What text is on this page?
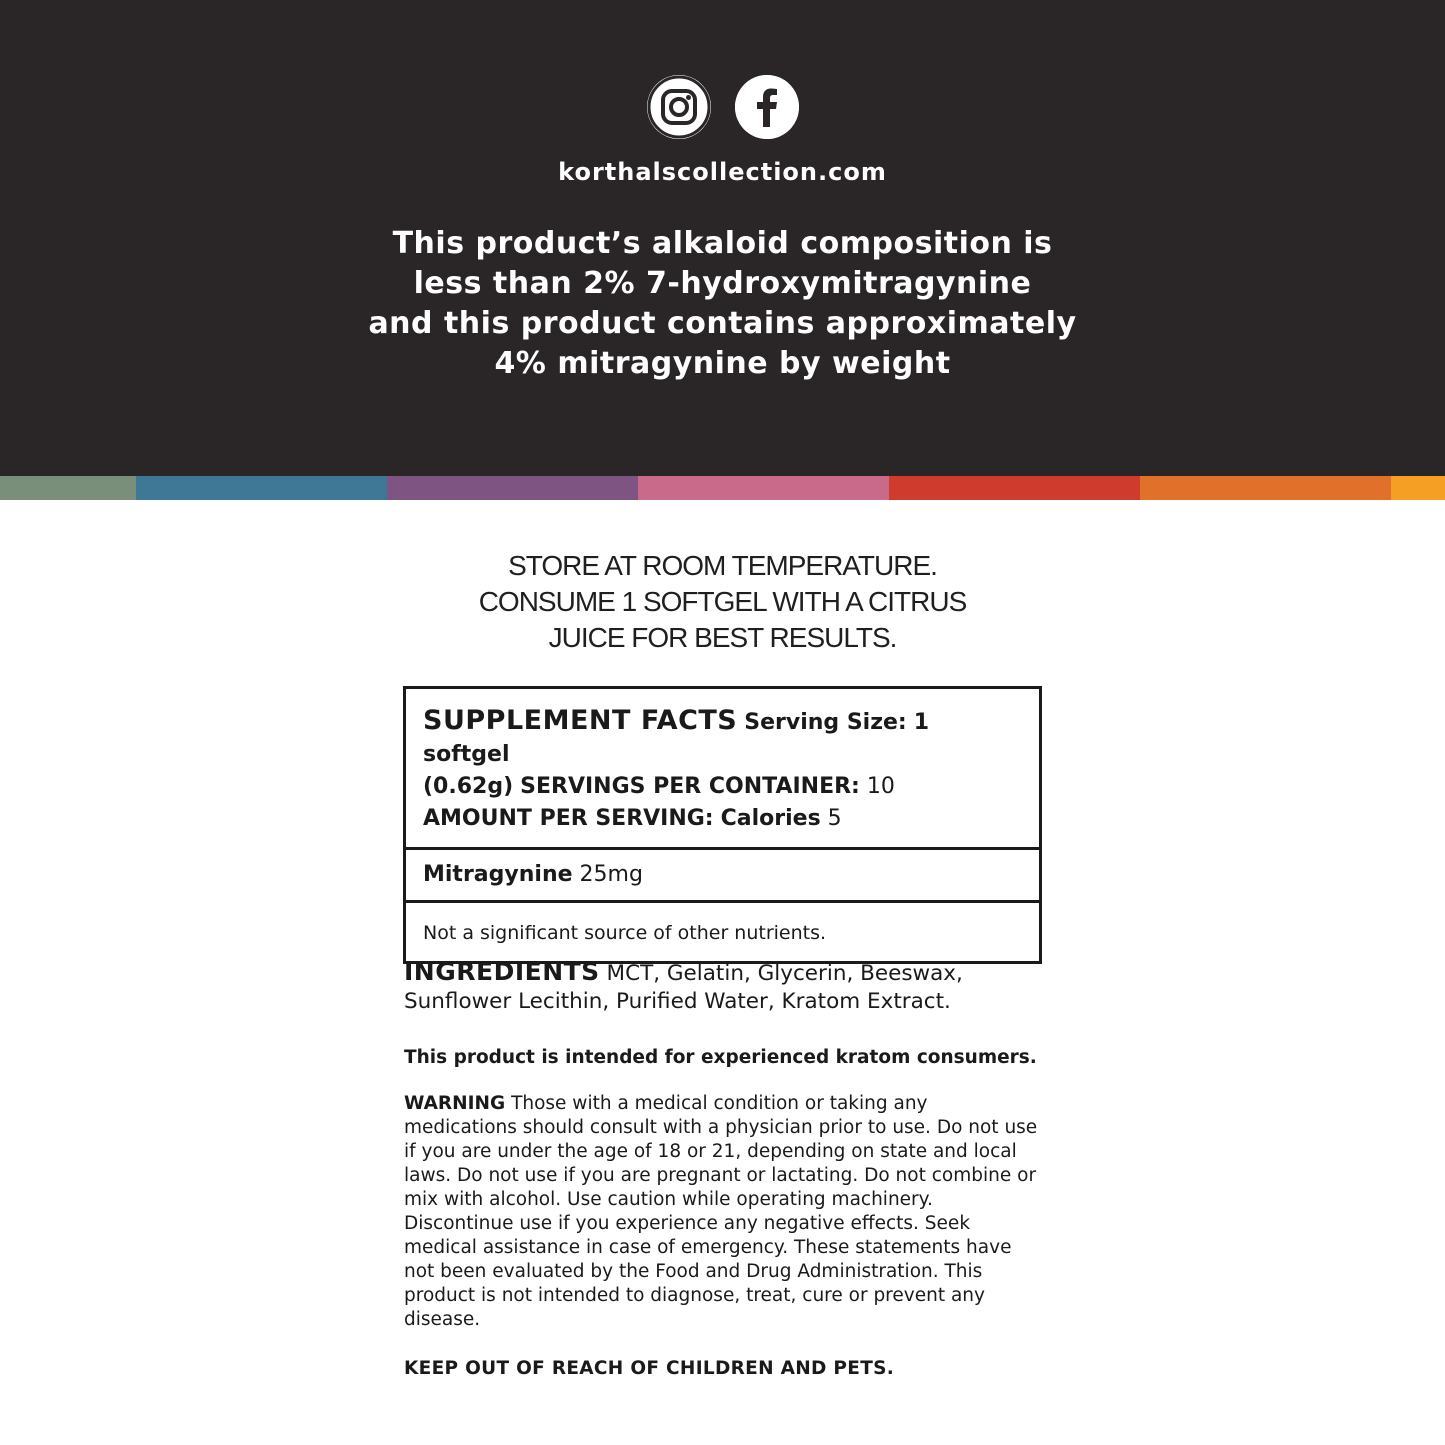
korthalscollection.com
This product’s alkaloid composition is
less than 2% 7-hydroxymitragynine
and this product contains approximately
4% mitragynine by weight
STORE AT ROOM TEMPERATURE.
CONSUME 1 SOFTGEL WITH A CITRUS
JUICE FOR BEST RESULTS.
SUPPLEMENT FACTS Serving Size: 1 softgel
(0.62g) SERVINGS PER CONTAINER: 10
AMOUNT PER SERVING: Calories 5
Mitragynine 25mg
Not a significant source of other nutrients.
INGREDIENTS MCT, Gelatin, Glycerin, Beeswax, Sunflower Lecithin, Purified Water, Kratom Extract.
This product is intended for experienced kratom consumers.
WARNING Those with a medical condition or taking any medications should consult with a physician prior to use. Do not use if you are under the age of 18 or 21, depending on state and local laws. Do not use if you are pregnant or lactating. Do not combine or mix with alcohol. Use caution while operating machinery. Discontinue use if you experience any negative effects. Seek medical assistance in case of emergency. These statements have not been evaluated by the Food and Drug Administration. This product is not intended to diagnose, treat, cure or prevent any disease.
KEEP OUT OF REACH OF CHILDREN AND PETS.
